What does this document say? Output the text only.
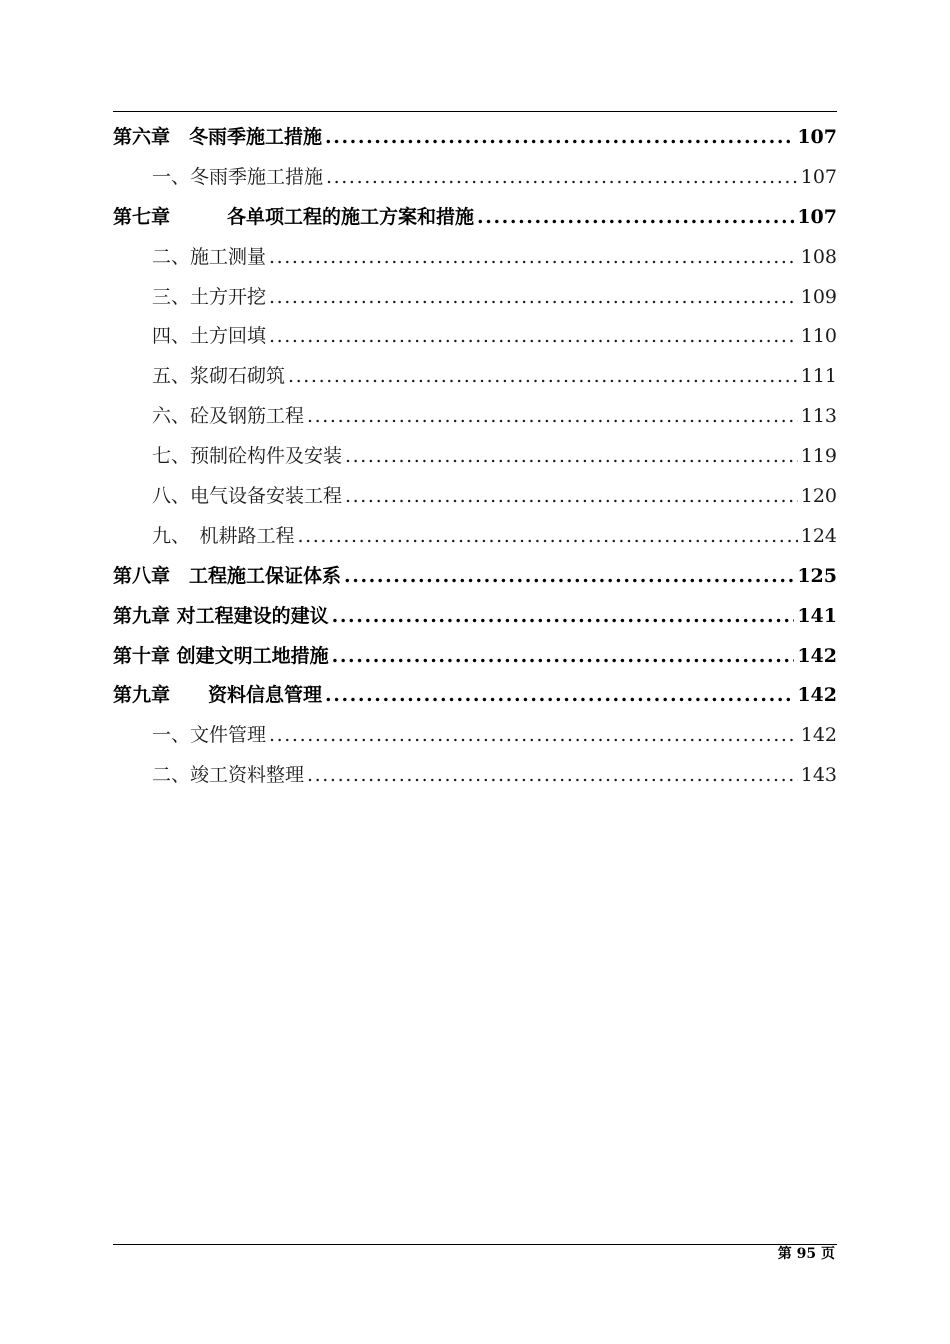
第六章　冬雨季施工措施 .....	107
一、冬雨季施工措施 .....	107
第七章　　　各单项工程的施工方案和措施 .....	107
二、施工测量 .....	108
三、土方开挖 .....	109
四、土方回填 .....	110
五、浆砌石砌筑 .....	111
六、砼及钢筋工程 .....	113
七、预制砼构件及安装 .....	119
八、电气设备安装工程 .....	120
九、　机耕路工程 .....	124
第八章　工程施工保证体系 .....	125
第九章 对工程建设的建议 .....	141
第十章 创建文明工地措施 .....	142
第九章　　资料信息管理 .....	142
一、文件管理 .....	142
二、竣工资料整理 .....	143
第 95 页
